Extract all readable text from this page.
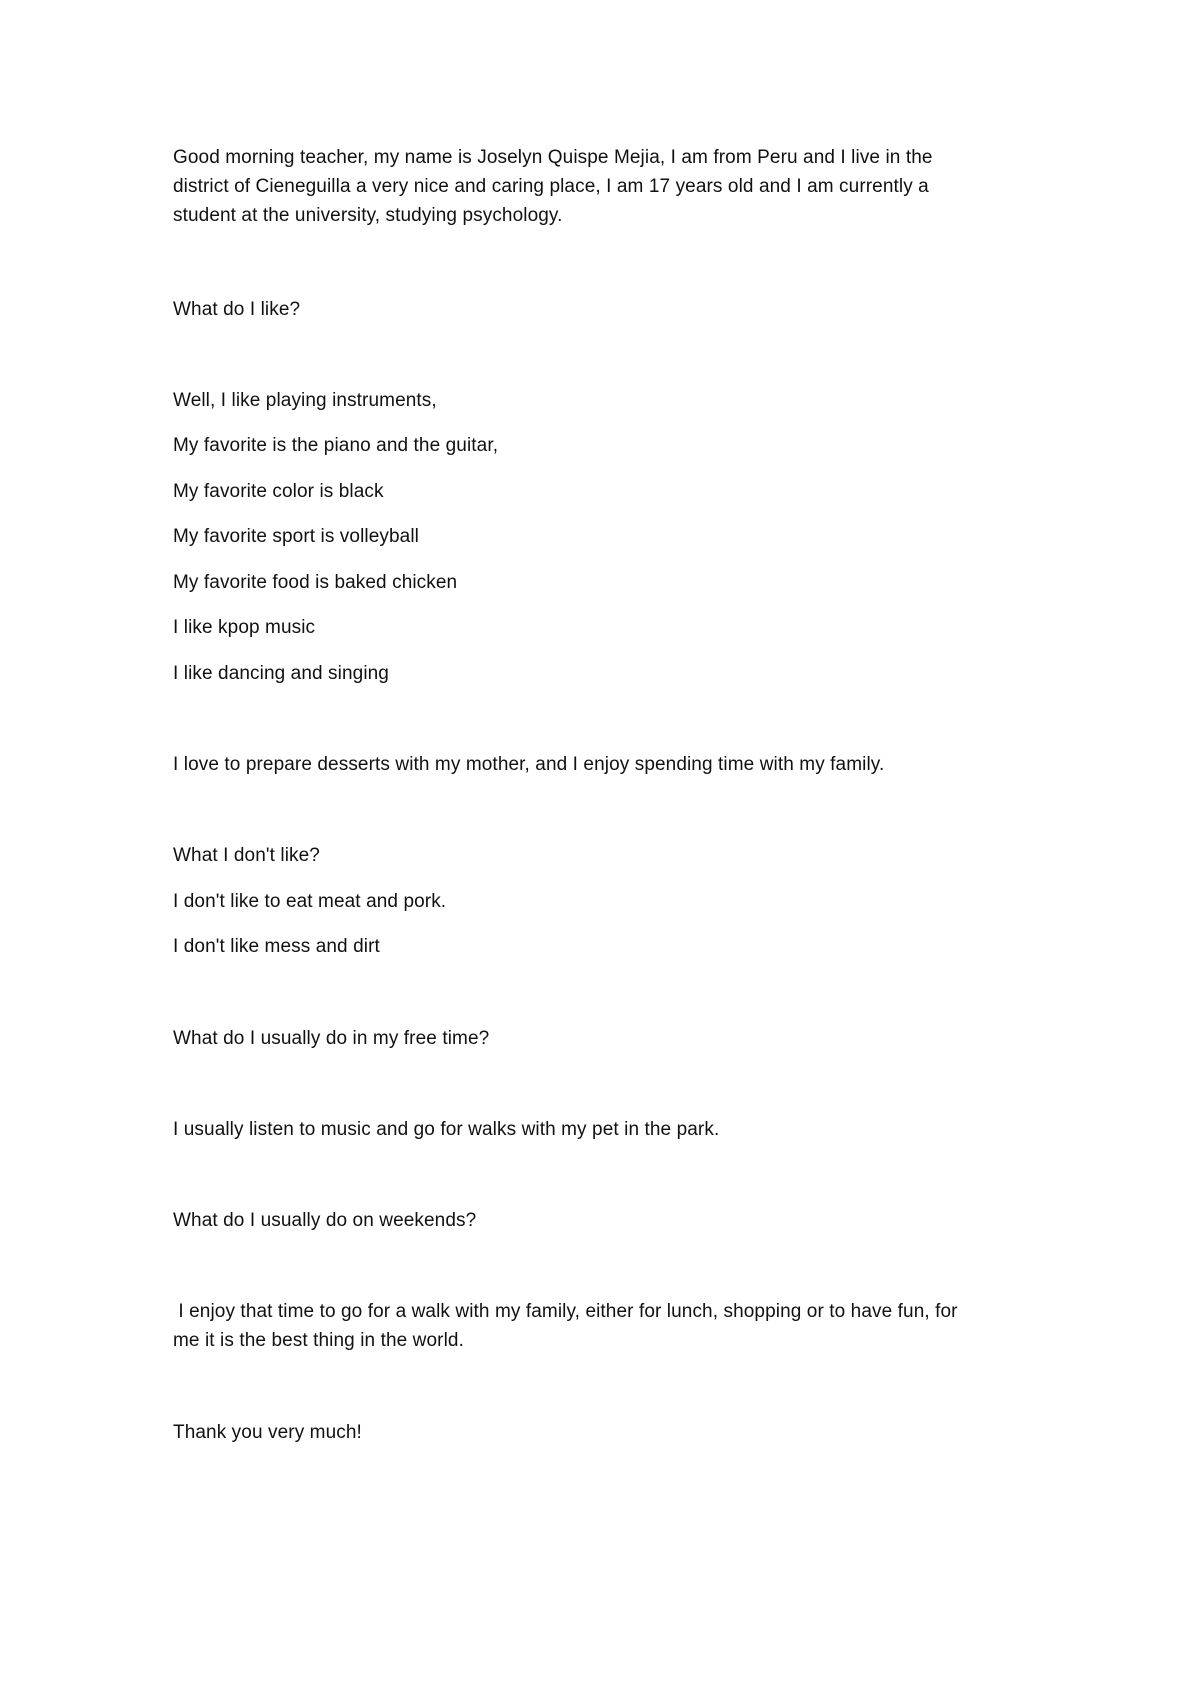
Good morning teacher, my name is Joselyn Quispe Mejia, I am from Peru and I live in the
district of Cieneguilla a very nice and caring place, I am 17 years old and I am currently a
student at the university, studying psychology.
What do I like?
Well, I like playing instruments,
My favorite is the piano and the guitar,
My favorite color is black
My favorite sport is volleyball
My favorite food is baked chicken
I like kpop music
I like dancing and singing
I love to prepare desserts with my mother, and I enjoy spending time with my family.
What I don't like?
I don't like to eat meat and pork.
I don't like mess and dirt
What do I usually do in my free time?
I usually listen to music and go for walks with my pet in the park.
What do I usually do on weekends?
I enjoy that time to go for a walk with my family, either for lunch, shopping or to have fun, for
me it is the best thing in the world.
Thank you very much!
